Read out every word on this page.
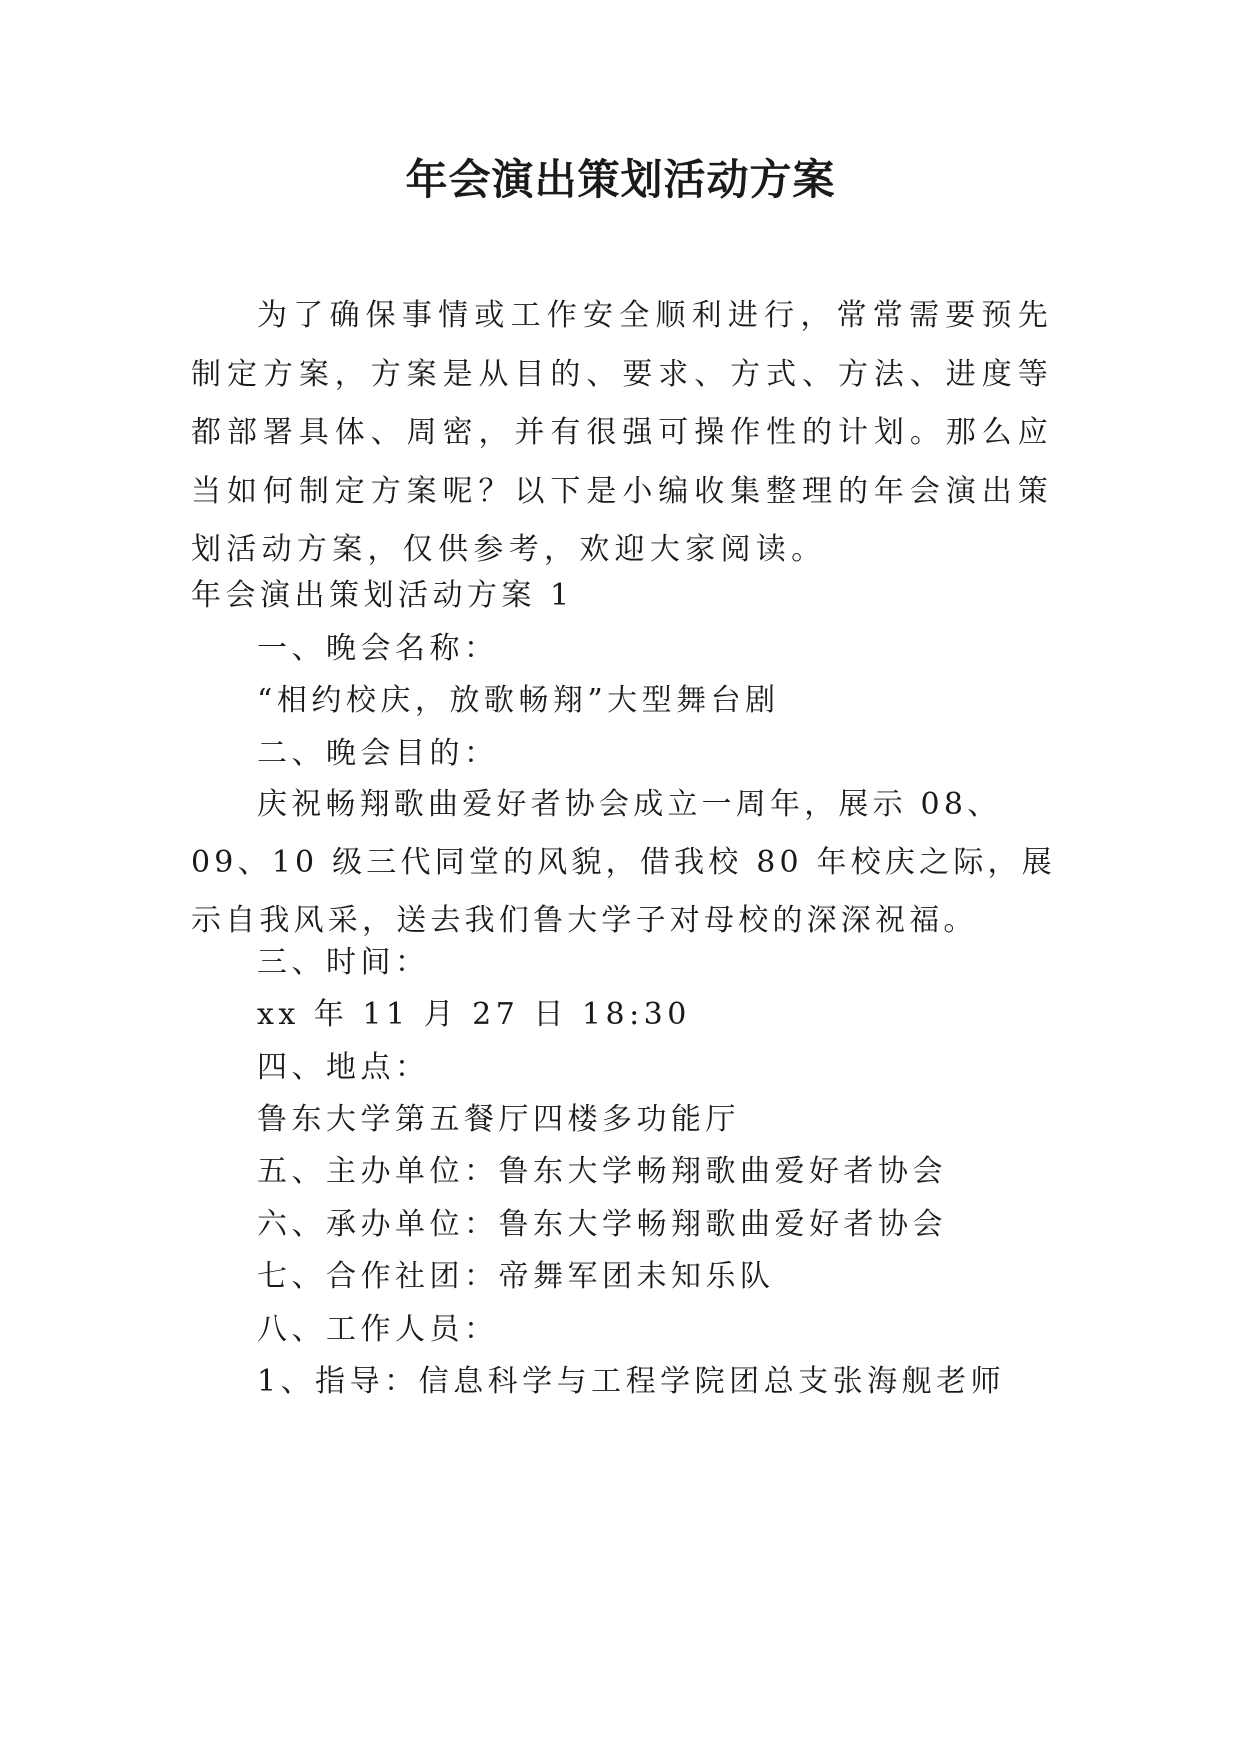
年会演出策划活动方案

为了确保事情或工作安全顺利进行，常常需要预先制定方案，方案是从目的、要求、方式、方法、进度等都部署具体、周密，并有很强可操作性的计划。那么应当如何制定方案呢？以下是小编收集整理的年会演出策划活动方案，仅供参考，欢迎大家阅读。

年会演出策划活动方案 1

一、晚会名称：

“相约校庆，放歌畅翔”大型舞台剧

二、晚会目的：

庆祝畅翔歌曲爱好者协会成立一周年，展示 08、09、10 级三代同堂的风貌，借我校 80 年校庆之际，展示自我风采，送去我们鲁大学子对母校的深深祝福。

三、时间：

xx 年 11 月 27 日 18:30

四、地点：

鲁东大学第五餐厅四楼多功能厅

五、主办单位：鲁东大学畅翔歌曲爱好者协会

六、承办单位：鲁东大学畅翔歌曲爱好者协会

七、合作社团：帝舞军团未知乐队

八、工作人员：

1、指导：信息科学与工程学院团总支张海舰老师
